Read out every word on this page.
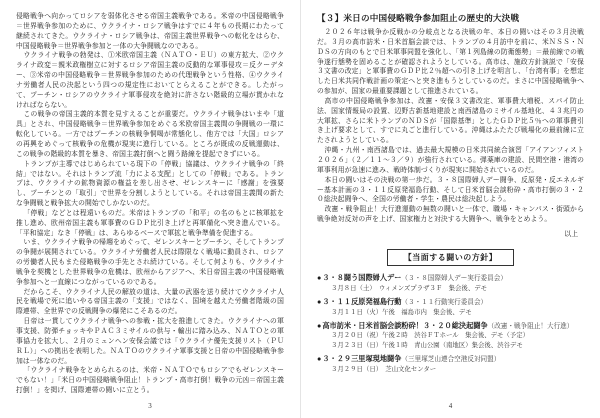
侵略戦争へ向かってロシアを弱体化させる帝国主義戦争である。米帝の中国侵略戦争＝世界戦争参加のために、ウクライナ・ロシア戦争はすでに４年もの長期にわたって継続されてきた。ウクライナ・ロシア戦争は、帝国主義世界戦争への転化をはらむ、中国侵略戦争＝世界戦争参加と一体の大争闘戦なのである。

ウクライナ戦争の勃発は、①米欧帝国主義（ＮＡＴＯ・ＥＵ）の東方拡大、②ウクライナ政変＝親米政権樹立に対するロシア帝国主義の反動的な軍事侵攻＝反クーデター、③米帝の中国侵略戦争＝世界戦争参加のための代理戦争という性格、④ウクライナ労働者人民の決起という四つの規定性においてとらえることができる。したがって、プーチン・ロシアのウクライナ軍事侵攻を絶対に許さない階級的立場が貫かれなければならない。

この戦争の帝国主義的本質を見すえることが重要だ。ウクライナ戦争はいまや「道具」とされ、中国侵略戦争＝世界戦争参加をめぐる米欧帝国主義間の争闘戦の一環に転化している。一方ではプーチンの核戦争恫喝が常態化し、他方では「大国」ロシアの再興をめぐって核戦争の危機が現実に進行している。ところが既成の反戦運動は、この戦争の階級的本質を暴き、帝国主義打倒へと闘う路線を提起できずにいる。

トランプが主導ではじめられている現下の「停戦」協議は、ウクライナ戦争の「終結」ではない。それはトランプ流「力による支配」としての「停戦」である。トランプは、ウクライナの鉱物資源の権益を差し出させ、ゼレンスキーに「感謝」を強要し、プーチンとの「取引」で世界を分割しようとしている。それは帝国主義間の新たな争闘戦と戦争拡大の開始でしかないのだ。

「停戦」などとは程遠いものだ。米帝はトランプの「和平」の名のもとに核軍拡を推し進め、欧州帝国主義も軍事費のＧＤＰ比引き上げと再軍備化へ突き進んでいる。「平和協定」なき「停戦」は、あらゆるベースで軍拡と戦争準備を促進する。

いま、ウクライナ戦争の帰趨をめぐって、ゼレンスキーとプーチン、そしてトランプの争闘が展開されている。ウクライナ労働者人民は際限なく戦場に動員され、ロシアの労働者人民もまた侵略戦争の手先とされ続けている。そして何よりも、ウクライナ戦争を契機とした世界戦争の危機は、欧州からアジアへ、米日帝国主義の中国侵略戦争参加へと一直線につながっているのである。

だからこそ、ウクライナ人民の解放の道は、大量の武器を送り続けてウクライナ人民を戦場で死に追いやる帝国主義の「支援」ではなく、国境を越えた労働者階級の国際連帯、全世界での反戦闘争の爆発にこそあるのだ。

日帝は一貫してウクライナ戦争への参戦・拡大を推進してきた。ウクライナへの軍事支援、防弾チョッキやＰＡＣ３ミサイルの供与・輸出に踏み込み、ＮＡＴＯとの軍事協力を拡大し、２月のミュンヘン安保会議では「ウクライナ優先支援リスト（ＰＵＲＬ）」への拠出を表明した。ＮＡＴＯのウクライナ軍事支援と日帝の中国侵略戦争参加は一体なのだ。

「ウクライナ戦争をとめられるのは、米帝・ＮＡＴＯでもロシアでもゼレンスキーでもない！」「米日の中国侵略戦争阻止！トランプ・高市打倒！戦争の元凶＝帝国主義打倒！」を掲げ、国際連帯の闘いに立とう。

3
【３】米日の中国侵略戦争参加阻止の歴史的大決戦

２０２６年は戦争か反戦かの分岐点となる決戦の年、本日の闘いはその３月決戦だ。３月の高市訪米・日米首脳会談では、トランプの４月訪中を前に、米ＮＳＳ・ＮＤＳの方向のもとで日米軍事同盟を強化し、「第１列島線の防衛態勢」＝最前線での戦争遂行態勢を固めることが確認されようとしている。高市は、施政方針演説で「安保３文書の改定」と軍事費のＧＤＰ比２％超への引き上げを明言し、「台湾有事」を想定した日米共同作戦計画の策定へと突き進もうとしているのだ。まさに中国侵略戦争への参加が、国家の最重要課題として推進されている。

高市の中国侵略戦争参加は、改憲・安保３文書改定、軍事費大増税、スパイ防止法、国家情報局の設置、辺野古新基地建設と南西諸島のミサイル基地化、４３兆円の大軍拡、さらに米トランプのＮＤＳが「国際基準」としたＧＤＰ比５％への軍事費引き上げ要求として、すでに丸ごと進行している。沖縄はふたたび戦場化の最前線に立たされようとしている。

沖縄・九州・南西諸島では、過去最大規模の日米共同統合演習「アイアンフィスト２０２６」（２／１１〜３／９）が強行されている。弾薬庫の建設、民間空港・港湾の軍事利用が急速に進み、戦時体制づくりが現実に開始されているのだ。

本日の闘いはその決戦の第一歩だ。３・８国際婦人デー闘争、反原発・反エネルギー基本計画の３・１１反原発福島行動、そして日米首脳会談粉砕・高市打倒の３・２０総決起闘争へ、全国の労働者・学生・農民は総決起しよう。

改憲・戦争阻止！大行進運動の無数の闘いと一体で、職場・キャンパス・街頭から戦争絶対反対の声を上げ、国家権力と対決する大闘争へ、戦争をとめよう。

以上
【当面する闘いの方針】
●３・８闘う国際婦人デー（３・８国際婦人デー実行委員会）
３月８日（土）　ウィメンズプラザ３Ｆ　集会後、デモ
●３・１１反原発福島行動（３・１１行動実行委員会）
３月１１日（火）午後　福島市内　集会後、デモ
●高市訪米・日米首脳会談粉砕！３・２０総決起闘争（改憲・戦争阻止！大行進）
３月２０日（祝）午後２時　渋谷ＦＴホール　集会後、デモ（予定）
３月２３日（日）午後１時　青山公園（南地区）集会後、渋谷デモ
●３・２９三里塚現地闘争（三里塚芝山連合空港反対同盟）
３月２９日（日）　芝山文化センター
4
